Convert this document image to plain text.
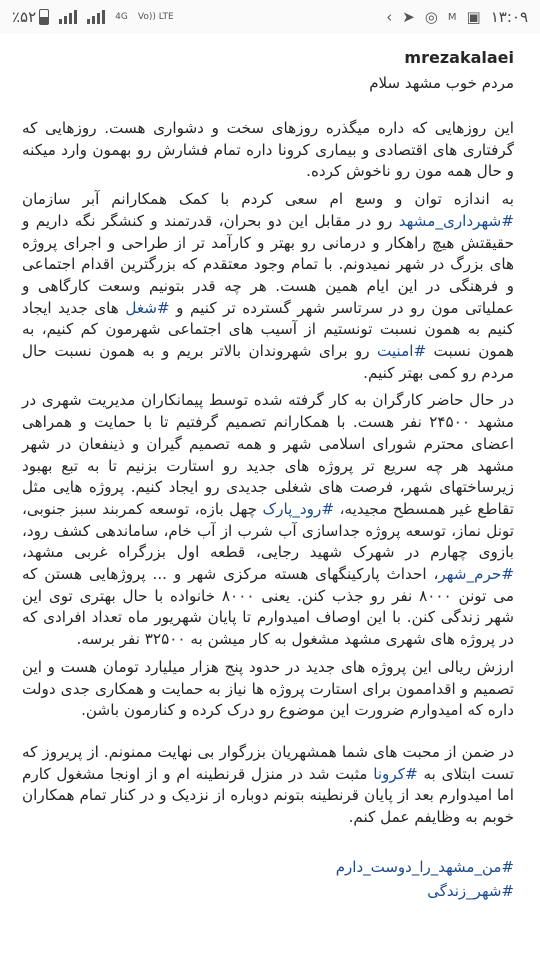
٪۵۲	4G Vo)) LTE	‹ ➤ ◎ M ▣ ۱۳:۰۹
mrezakalaei
مردم خوب مشهد سلام

این روزهایی که داره میگذره روزهای سخت و دشواری هست. روزهایی که گرفتاری های اقتصادی و بیماری کرونا داره تمام فشارش رو بهمون وارد میکنه و حال همه مون رو ناخوش کرده.

به اندازه توان و وسع ام سعی کردم با کمک همکارانم آبر سازمان #شهرداری_مشهد رو در مقابل این دو بحران، قدرتمند و کنشگر نگه داریم و حقیقتش هیچ راهکار و درمانی رو بهتر و کارآمد تر از طراحی و اجرای پروژه های بزرگ در شهر نمیدونم. با تمام وجود معتقدم که بزرگترین اقدام اجتماعی و فرهنگی در این ایام همین هست. هر چه قدر بتونیم وسعت کارگاهی و عملیاتی مون رو در سرتاسر شهر گسترده تر کنیم و #شغل های جدید ایجاد کنیم به همون نسبت تونستیم از آسیب های اجتماعی شهرمون کم کنیم، به همون نسبت #امنیت رو برای شهروندان بالاتر بریم و به همون نسبت حال مردم رو کمی بهتر کنیم.

در حال حاضر کارگران به کار گرفته شده توسط پیمانکاران مدیریت شهری در مشهد ۲۴۵۰۰ نفر هست. با همکارانم تصمیم گرفتیم تا با حمایت و همراهی اعضای محترم شورای اسلامی شهر و همه تصمیم گیران و ذینفعان در شهر مشهد هر چه سریع تر پروژه های جدید رو استارت بزنیم تا به تبع بهبود زیرساختهای شهر، فرصت های شغلی جدیدی رو ایجاد کنیم. پروژه هایی مثل تقاطع غیر همسطح مجیدیه، #رود_پارک چهل بازه، توسعه کمربند سبز جنوبی، تونل نماز، توسعه پروژه جداسازی آب شرب از آب خام، ساماندهی کشف رود، بازوی چهارم در شهرک شهید رجایی، قطعه اول بزرگراه غربی مشهد، #حرم_شهر، احداث پارکینگهای هسته مرکزی شهر و ... پروژهایی هستن که می تونن ۸۰۰۰ نفر رو جذب کنن. یعنی ۸۰۰۰ خانواده با حال بهتری توی این شهر زندگی کنن. با این اوصاف امیدوارم تا پایان شهریور ماه تعداد افرادی که در پروژه های شهری مشهد مشغول به کار میشن به ۳۲۵۰۰ نفر برسه.

ارزش ریالی این پروژه های جدید در حدود پنج هزار میلیارد تومان هست و این تصمیم و اقداممون برای استارت پروژه ها نیاز به حمایت و همکاری جدی دولت داره که امیدوارم ضرورت این موضوع رو درک کرده و کنارمون باشن.

در ضمن از محبت های شما همشهریان بزرگوار بی نهایت ممنونم. از پریروز که تست ابتلای به #کرونا مثبت شد در منزل قرنطینه ام و از اونجا مشغول کارم اما امیدوارم بعد از پایان قرنطینه بتونم دوباره از نزدیک و در کنار تمام همکاران خوبم به وظایفم عمل کنم.

#من_مشهد_را_دوست_دارم
#شهر_زندگی
